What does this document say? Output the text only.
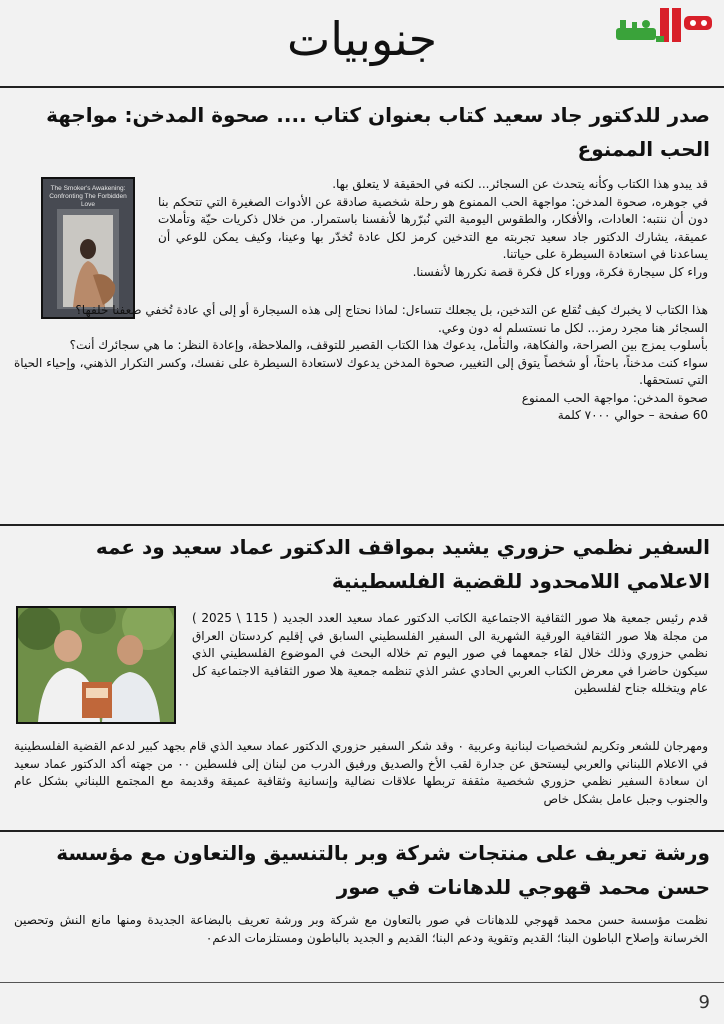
جنوبيات
صدر للدكتور جاد سعيد كتاب بعنوان كتاب .... صحوة المدخن: مواجهة الحب الممنوع
The Smoker's Awakening: Confronting The Forbidden Love

قد يبدو هذا الكتاب وكأنه يتحدث عن السجائر... لكنه في الحقيقة لا يتعلق بها.

في جوهره، صحوة المدخن: مواجهة الحب الممنوع هو رحلة شخصية صادقة عن الأدوات الصغيرة التي تتحكم بنا دون أن ننتبه: العادات، والأفكار، والطقوس اليومية التي نُبرّرها لأنفسنا باستمرار. من خلال ذكريات حيّة وتأملات عميقة، يشارك الدكتور جاد سعيد تجربته مع التدخين كرمز لكل عادة تُخدّر بها وعينا، وكيف يمكن للوعي أن يساعدنا في استعادة السيطرة على حياتنا.

وراء كل سيجارة فكرة، ووراء كل فكرة قصة نكررها لأنفسنا.

هذا الكتاب لا يخبرك كيف تُقلع عن التدخين، بل يجعلك تتساءل: لماذا نحتاج إلى هذه السيجارة أو إلى أي عادة تُخفي ضعفنا خلفها؟

السجائر هنا مجرد رمز... لكل ما نستسلم له دون وعي.

بأسلوب يمزج بين الصراحة، والفكاهة، والتأمل، يدعوك هذا الكتاب القصير للتوقف، والملاحظة، وإعادة النظر: ما هي سجائرك أنت؟

سواء كنت مدخناً، باحثاً، أو شخصاً يتوق إلى التغيير، صحوة المدخن يدعوك لاستعادة السيطرة على نفسك، وكسر التكرار الذهني، وإحياء الحياة التي تستحقها.

صحوة المدخن: مواجهة الحب الممنوع

60 صفحة – حوالي ٧٠٠٠ كلمة

السفير نظمي حزوري يشيد بمواقف الدكتور عماد سعيد ود عمه الاعلامي اللامحدود للقضية الفلسطينية

قدم رئيس جمعية هلا صور الثقافية الاجتماعية الكاتب الدكتور عماد سعيد العدد الجديد ( 115 \ 2025 ) من مجلة هلا صور الثقافية الورقية الشهرية الى السفير الفلسطيني السابق في إقليم كردستان العراق نظمي حزوري وذلك خلال لقاء جمعهما في صور اليوم تم خلاله البحث في الموضوع الفلسطيني الذي سيكون حاضرا في معرض الكتاب العربي الحادي عشر الذي تنظمه جمعية هلا صور الثقافية الاجتماعية كل عام ويتخلله جناح لفلسطين

ومهرجان للشعر وتكريم لشخصيات لبنانية وعربية ٠ وقد شكر السفير حزوري الدكتور عماد سعيد الذي قام بجهد كبير لدعم القضية الفلسطينية في الاعلام اللبناني والعربي ليستحق عن جدارة لقب الأخ والصديق ورفيق الدرب من لبنان إلى فلسطين ٠٠ من جهته أكد الدكتور عماد سعيد ان سعادة السفير نظمي حزوري شخصية مثقفة تربطها علاقات نضالية وإنسانية وثقافية عميقة وقديمة مع المجتمع اللبناني بشكل عام والجنوب وجبل عامل بشكل خاص

ورشة تعريف على منتجات شركة وبر بالتنسيق والتعاون مع مؤسسة حسن محمد قهوجي للدهانات في صور

نظمت مؤسسة حسن محمد قهوجي للدهانات في صور بالتعاون مع شركة وبر ورشة تعريف بالبضاعة الجديدة ومنها مانع النش وتحصين الخرسانة وإصلاح الباطون البنا؛ القديم وتقوية ودعم البنا؛ القديم و الجديد بالباطون ومستلزمات الدعم٠

9
